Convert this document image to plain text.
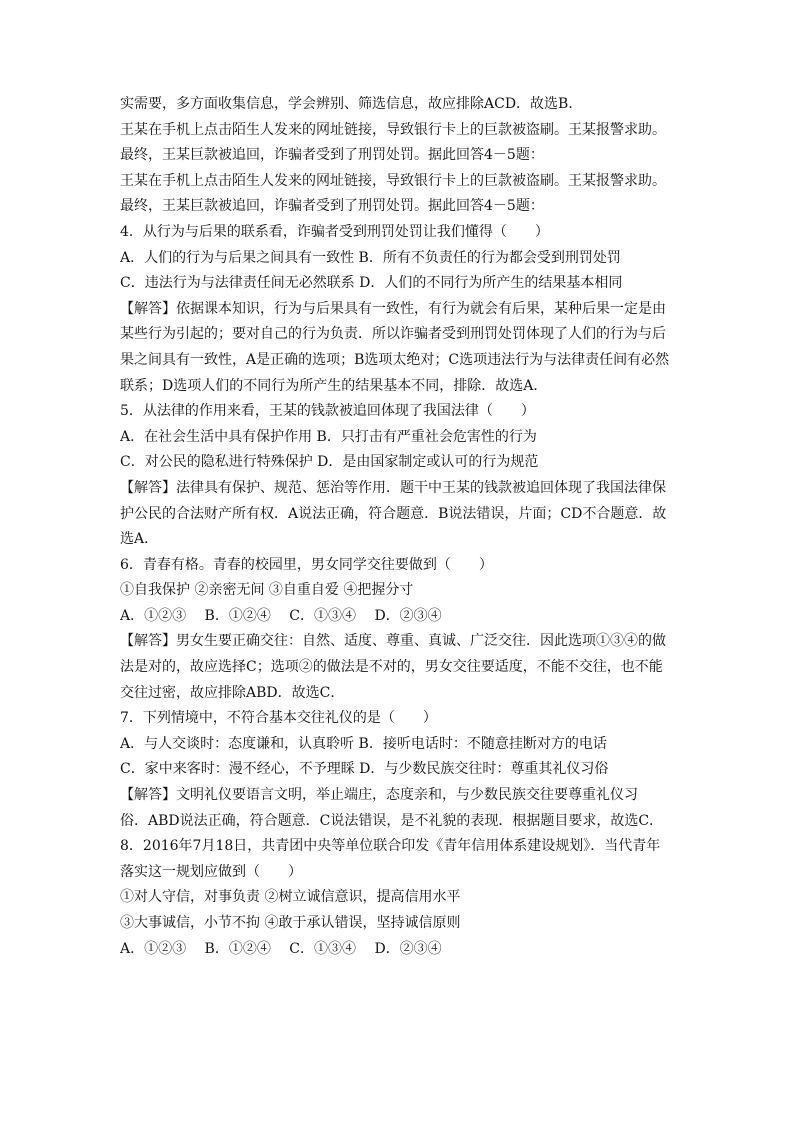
实需要，多方面收集信息，学会辨别、筛选信息，故应排除ACD．故选B．
王某在手机上点击陌生人发来的网址链接，导致银行卡上的巨款被盗刷。王某报警求助。
最终，王某巨款被追回，诈骗者受到了刑罚处罚。据此回答4－5题：
王某在手机上点击陌生人发来的网址链接，导致银行卡上的巨款被盗刷。王某报警求助。
最终，王某巨款被追回，诈骗者受到了刑罚处罚。据此回答4－5题：
4．从行为与后果的联系看，诈骗者受到刑罚处罚让我们懂得（　　）
A．人们的行为与后果之间具有一致性 B．所有不负责任的行为都会受到刑罚处罚
C．违法行为与法律责任间无必然联系 D．人们的不同行为所产生的结果基本相同
【解答】依据课本知识，行为与后果具有一致性，有行为就会有后果，某种后果一定是由
某些行为引起的；要对自己的行为负责．所以诈骗者受到刑罚处罚体现了人们的行为与后
果之间具有一致性，A是正确的选项；B选项太绝对；C选项违法行为与法律责任间有必然
联系；D选项人们的不同行为所产生的结果基本不同，排除．故选A．
5．从法律的作用来看，王某的钱款被追回体现了我国法律（　　）
A．在社会生活中具有保护作用 B．只打击有严重社会危害性的行为
C．对公民的隐私进行特殊保护 D．是由国家制定或认可的行为规范
【解答】法律具有保护、规范、惩治等作用．题干中王某的钱款被追回体现了我国法律保
护公民的合法财产所有权．A说法正确，符合题意．B说法错误，片面；CD不合题意．故
选A．
6．青春有格。青春的校园里，男女同学交往要做到（　　）
①自我保护 ②亲密无间 ③自重自爱 ④把握分寸
A．①②③　 B．①②④　 C．①③④　 D．②③④
【解答】男女生要正确交往：自然、适度、尊重、真诚、广泛交往．因此选项①③④的做
法是对的，故应选择C；选项②的做法是不对的，男女交往要适度，不能不交往，也不能
交往过密，故应排除ABD．故选C．
7．下列情境中，不符合基本交往礼仪的是（　　）
A．与人交谈时：态度谦和，认真聆听 B．接听电话时：不随意挂断对方的电话
C．家中来客时：漫不经心，不予理睬 D．与少数民族交往时：尊重其礼仪习俗
【解答】文明礼仪要语言文明，举止端庄，态度亲和，与少数民族交往要尊重礼仪习
俗．ABD说法正确，符合题意．C说法错误，是不礼貌的表现．根据题目要求，故选C．
8．2016年7月18日，共青团中央等单位联合印发《青年信用体系建设规划》．当代青年
落实这一规划应做到（　　）
①对人守信，对事负责 ②树立诚信意识，提高信用水平
③大事诚信，小节不拘 ④敢于承认错误，坚持诚信原则
A．①②③　 B．①②④　 C．①③④　 D．②③④
